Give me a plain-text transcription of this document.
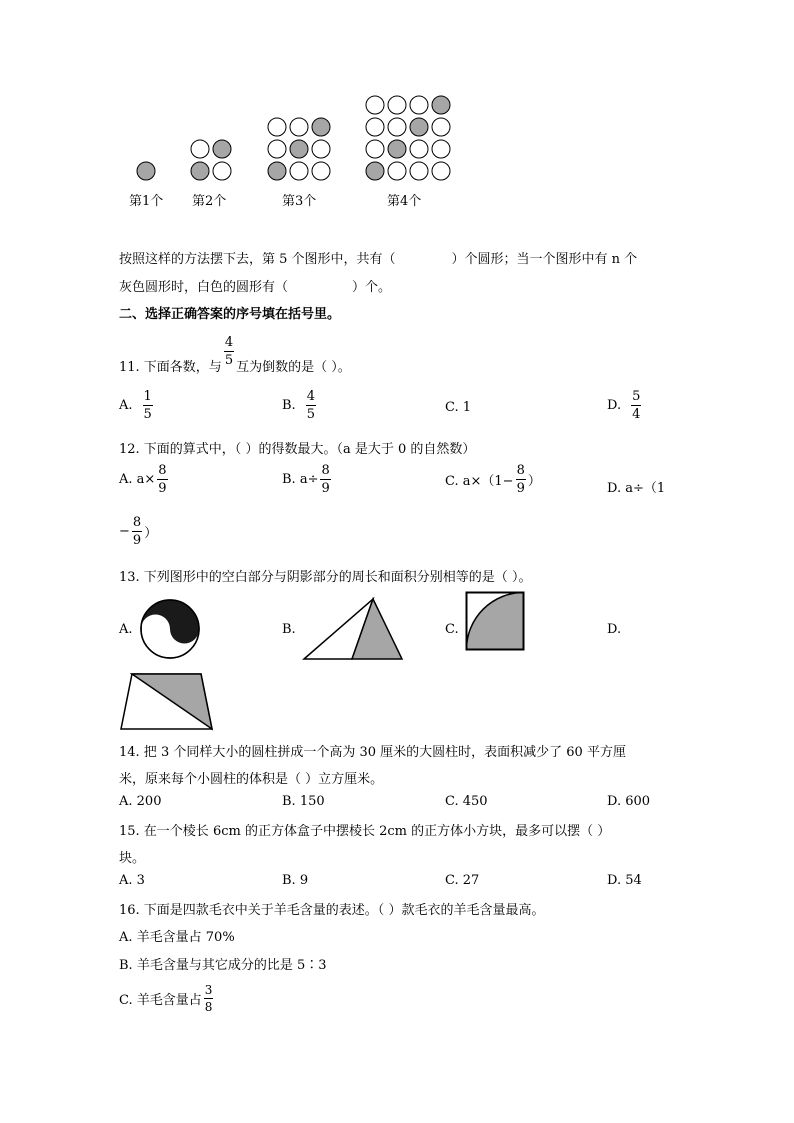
第1个 第2个	第3个	第4个
按照这样的方法摆下去，第 5 个图形中，共有（	）个圆形；当一个图形中有 n 个
灰色圆形时，白色的圆形有（	）个。
二、选择正确答案的序号填在括号里。
11. 下面各数，与
$\frac{4}{5}$
互为倒数的是（ ）。
A. $\frac{1}{5}$	B. $\frac{4}{5}$	C. 1	D. $\frac{5}{4}$
12. 下面的算式中，（ ）的得数最大。（a 是大于 0 的自然数）
A. $a\times \frac{8}{9}$	B. $a\div \frac{8}{9}$	C. $a\times(1- \frac{8}{9}$ ）	D. a÷（1
− $\frac{8}{9}$ ）
13. 下列图形中的空白部分与阴影部分的周长和面积分别相等的是（ ）。
A.	B.	C.	D.
14. 把 3 个同样大小的圆柱拼成一个高为 30 厘米的大圆柱时，表面积减少了 60 平方厘
米，原来每个小圆柱的体积是（ ）立方厘米。
A. 200	B. 150	C. 450	D. 600
15. 在一个棱长 6cm 的正方体盒子中摆棱长 2cm 的正方体小方块，最多可以摆（ ）
块。
A. 3	B. 9	C. 27	D. 54
16. 下面是四款毛衣中关于羊毛含量的表述。（ ）款毛衣的羊毛含量最高。
A. 羊毛含量占 70%
B. 羊毛含量与其它成分的比是 5∶3
C. 羊毛含量占 $\frac{3}{8}$
